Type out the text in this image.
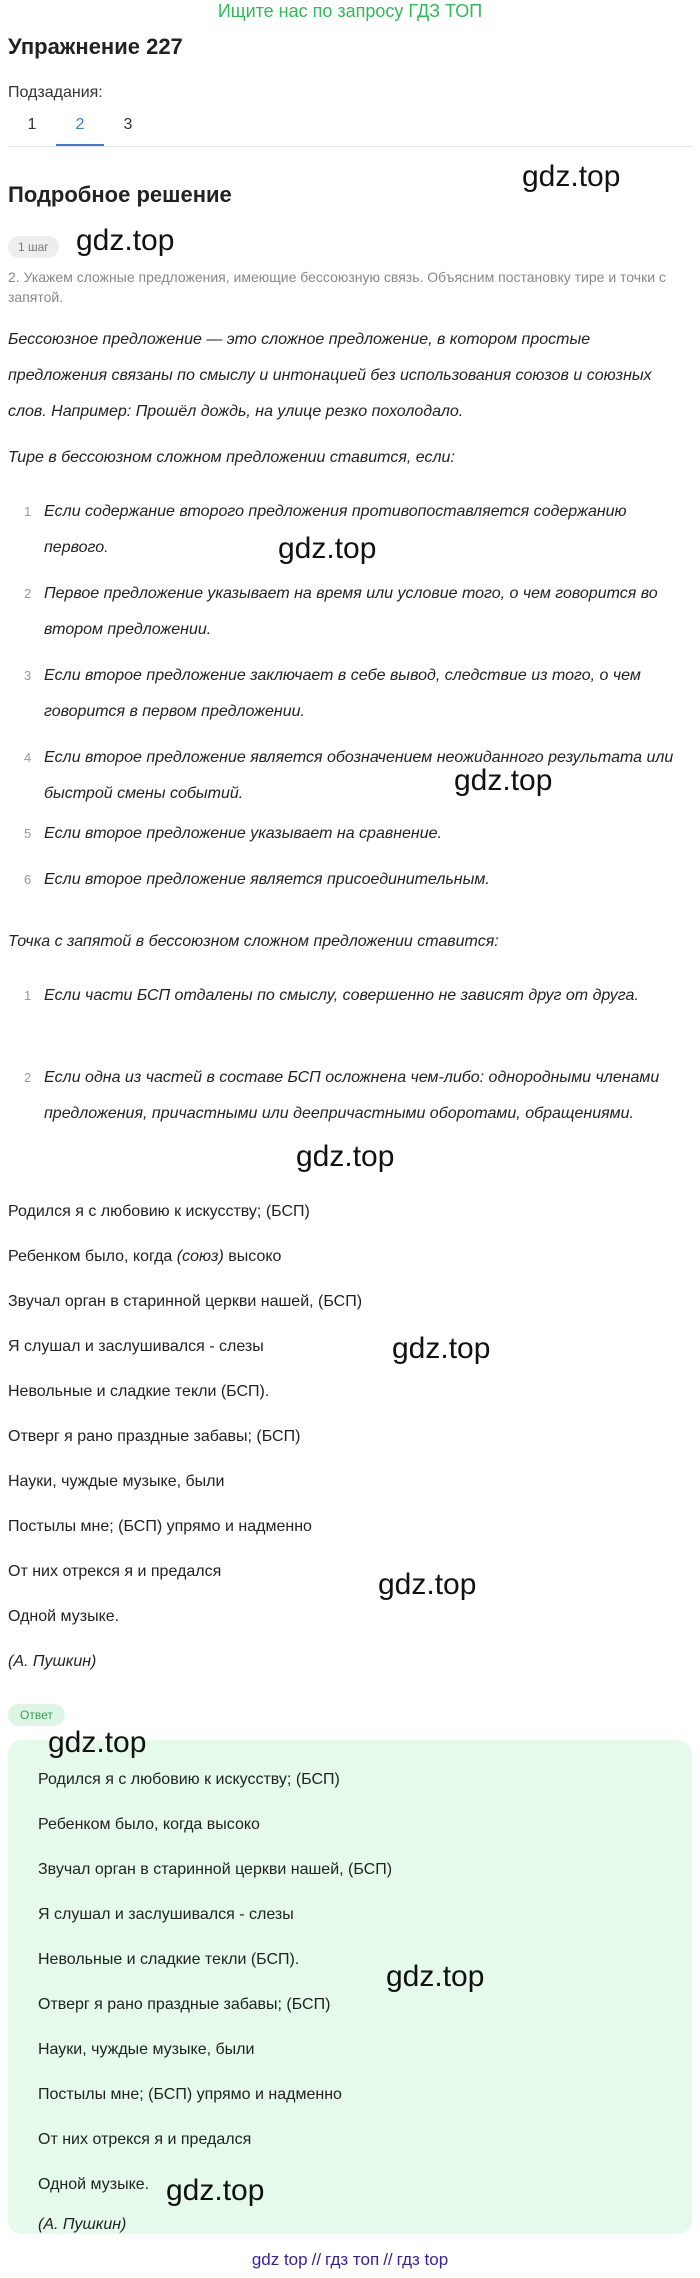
Ищите нас по запросу ГДЗ ТОП
Упражнение 227
Подзадания:
1	2	3
Подробное решение
1 шаг
2. Укажем сложные предложения, имеющие бессоюзную связь. Объясним постановку тире и точки с запятой.
Бессоюзное предложение — это сложное предложение, в котором простые предложения связаны по смыслу и интонацией без использования союзов и союзных слов. Например: Прошёл дождь, на улице резко похолодало.
Тире в бессоюзном сложном предложении ставится, если:
1 Если содержание второго предложения противопоставляется содержанию первого.
2 Первое предложение указывает на время или условие того, о чем говорится во втором предложении.
3 Если второе предложение заключает в себе вывод, следствие из того, о чем говорится в первом предложении.
4 Если второе предложение является обозначением неожиданного результата или быстрой смены событий.
5 Если второе предложение указывает на сравнение.
6 Если второе предложение является присоединительным.
Точка с запятой в бессоюзном сложном предложении ставится:
1 Если части БСП отдалены по смыслу, совершенно не зависят друг от друга.
2 Если одна из частей в составе БСП осложнена чем-либо: однородными членами предложения, причастными или деепричастными оборотами, обращениями.
Родился я с любовию к искусству; (БСП)
Ребенком было, когда (союз) высоко
Звучал орган в старинной церкви нашей, (БСП)
Я слушал и заслушивался - слезы
Невольные и сладкие текли (БСП).
Отверг я рано праздные забавы; (БСП)
Науки, чуждые музыке, были
Постылы мне; (БСП) упрямо и надменно
От них отрекся я и предался
Одной музыке.
(А. Пушкин)
Ответ
Родился я с любовию к искусству; (БСП)
Ребенком было, когда высоко
Звучал орган в старинной церкви нашей, (БСП)
Я слушал и заслушивался - слезы
Невольные и сладкие текли (БСП).
Отверг я рано праздные забавы; (БСП)
Науки, чуждые музыке, были
Постылы мне; (БСП) упрямо и надменно
От них отрекся я и предался
Одной музыке.
(А. Пушкин)
gdz top // гдз топ // гдз top
gdz.top
gdz.top
gdz.top
gdz.top
gdz.top
gdz.top
gdz.top
gdz.top
gdz.top
gdz.top
